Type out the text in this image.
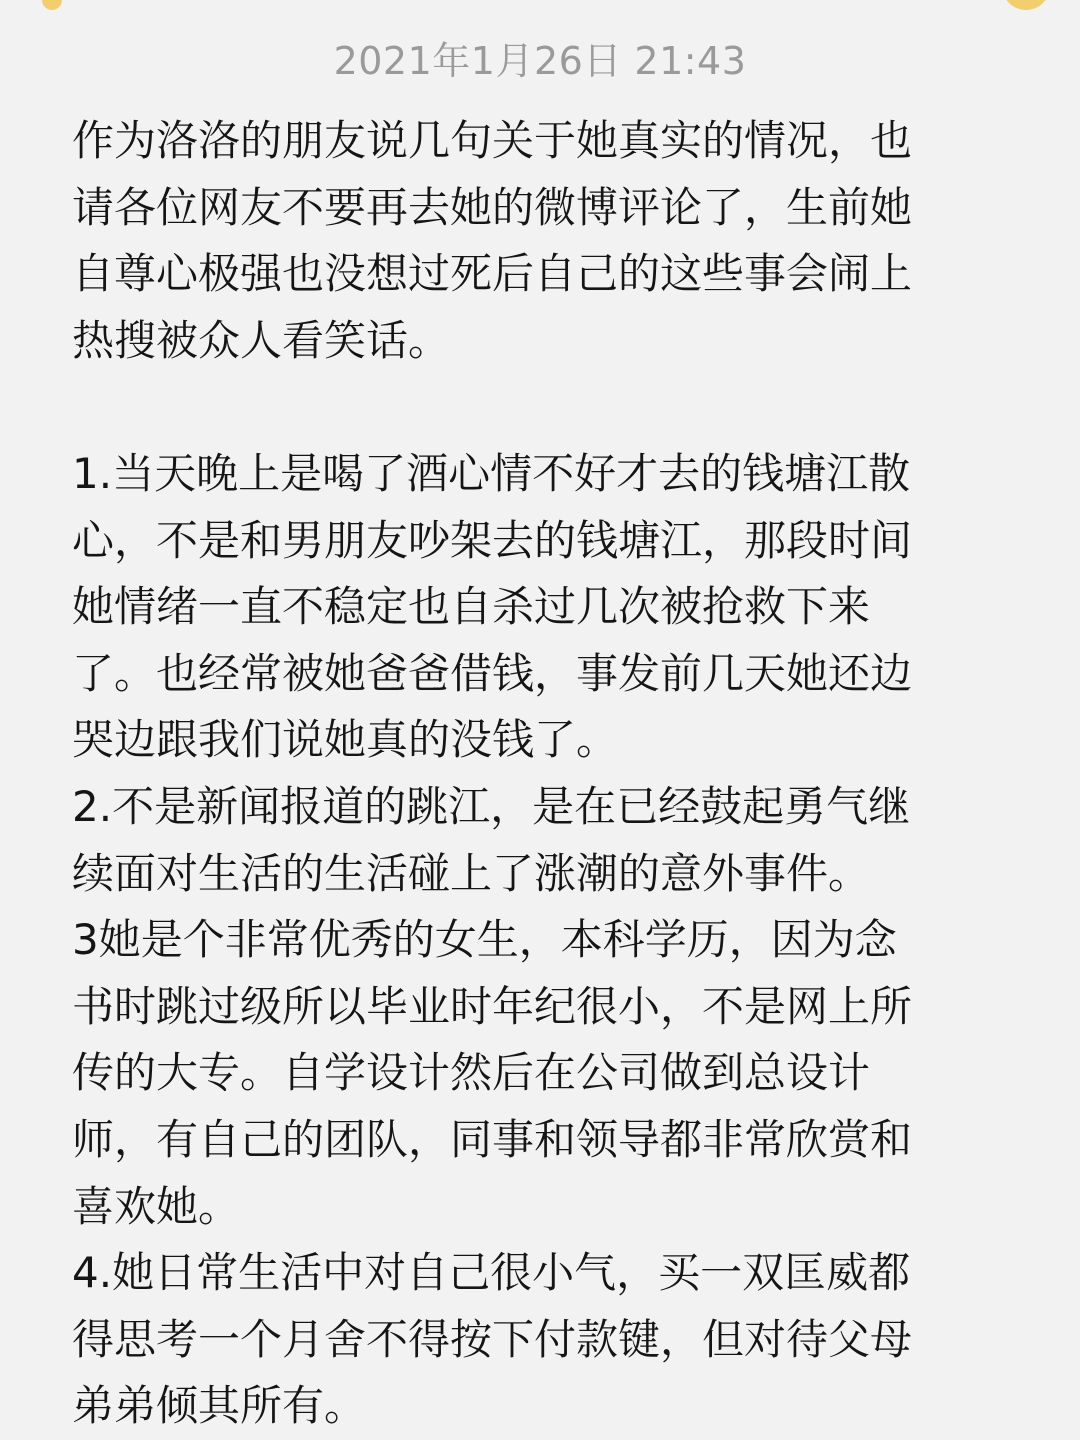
2021年1月26日 21:43
作为洛洛的朋友说几句关于她真实的情况，也
请各位网友不要再去她的微博评论了，生前她
自尊心极强也没想过死后自己的这些事会闹上
热搜被众人看笑话。
1.当天晚上是喝了酒心情不好才去的钱塘江散
心，不是和男朋友吵架去的钱塘江，那段时间
她情绪一直不稳定也自杀过几次被抢救下来
了。也经常被她爸爸借钱，事发前几天她还边
哭边跟我们说她真的没钱了。
2.不是新闻报道的跳江，是在已经鼓起勇气继
续面对生活的生活碰上了涨潮的意外事件。
3她是个非常优秀的女生，本科学历，因为念
书时跳过级所以毕业时年纪很小，不是网上所
传的大专。自学设计然后在公司做到总设计
师，有自己的团队，同事和领导都非常欣赏和
喜欢她。
4.她日常生活中对自己很小气，买一双匡威都
得思考一个月舍不得按下付款键，但对待父母
弟弟倾其所有。
